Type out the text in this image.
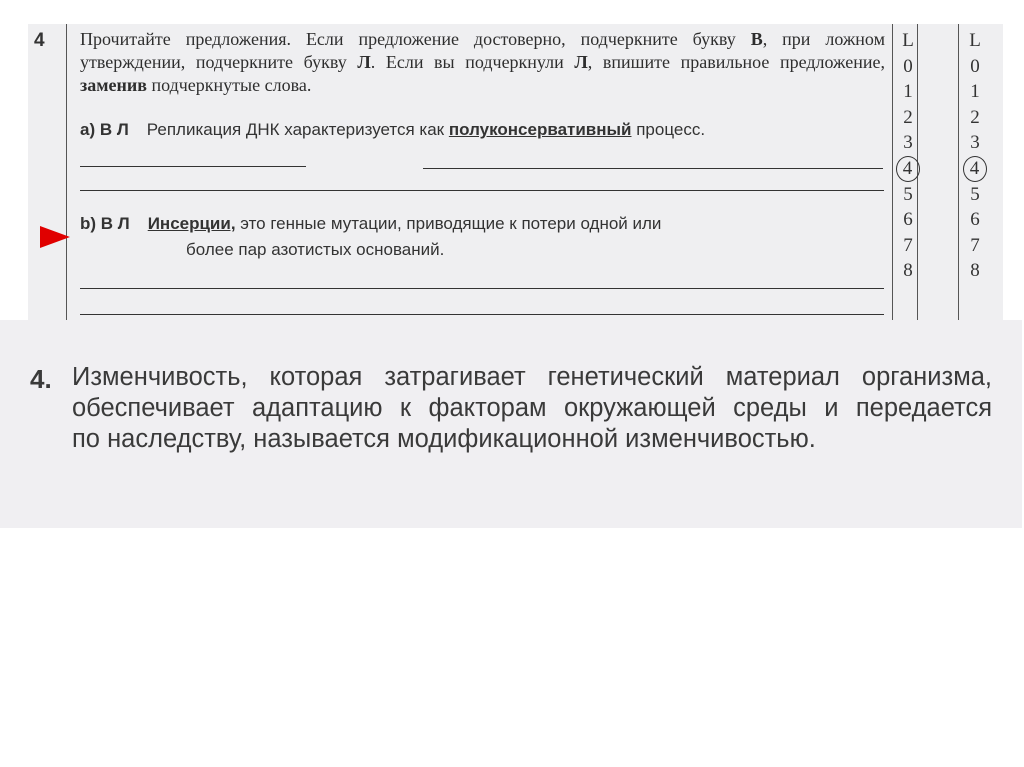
4 Прочитайте предложения. Если предложение достоверно, подчеркните букву В, при ложном утверждении, подчеркните букву Л. Если вы подчеркнули Л, впишите правильное предложение, заменив подчеркнутые слова.
a) В Л Репликация ДНК характеризуется как полуконсервативный процесс.
b) В Л Инсерции, это генные мутации, приводящие к потери одной или
более пар азотистых оснований.
L
0
1
2
3
4
5
6
7
8
L
0
1
2
3
4
5
6
7
8
4. Изменчивость, которая затрагивает генетический материал организма,
обеспечивает адаптацию к факторам окружающей среды и передается
по наследству, называется модификационной изменчивостью.
